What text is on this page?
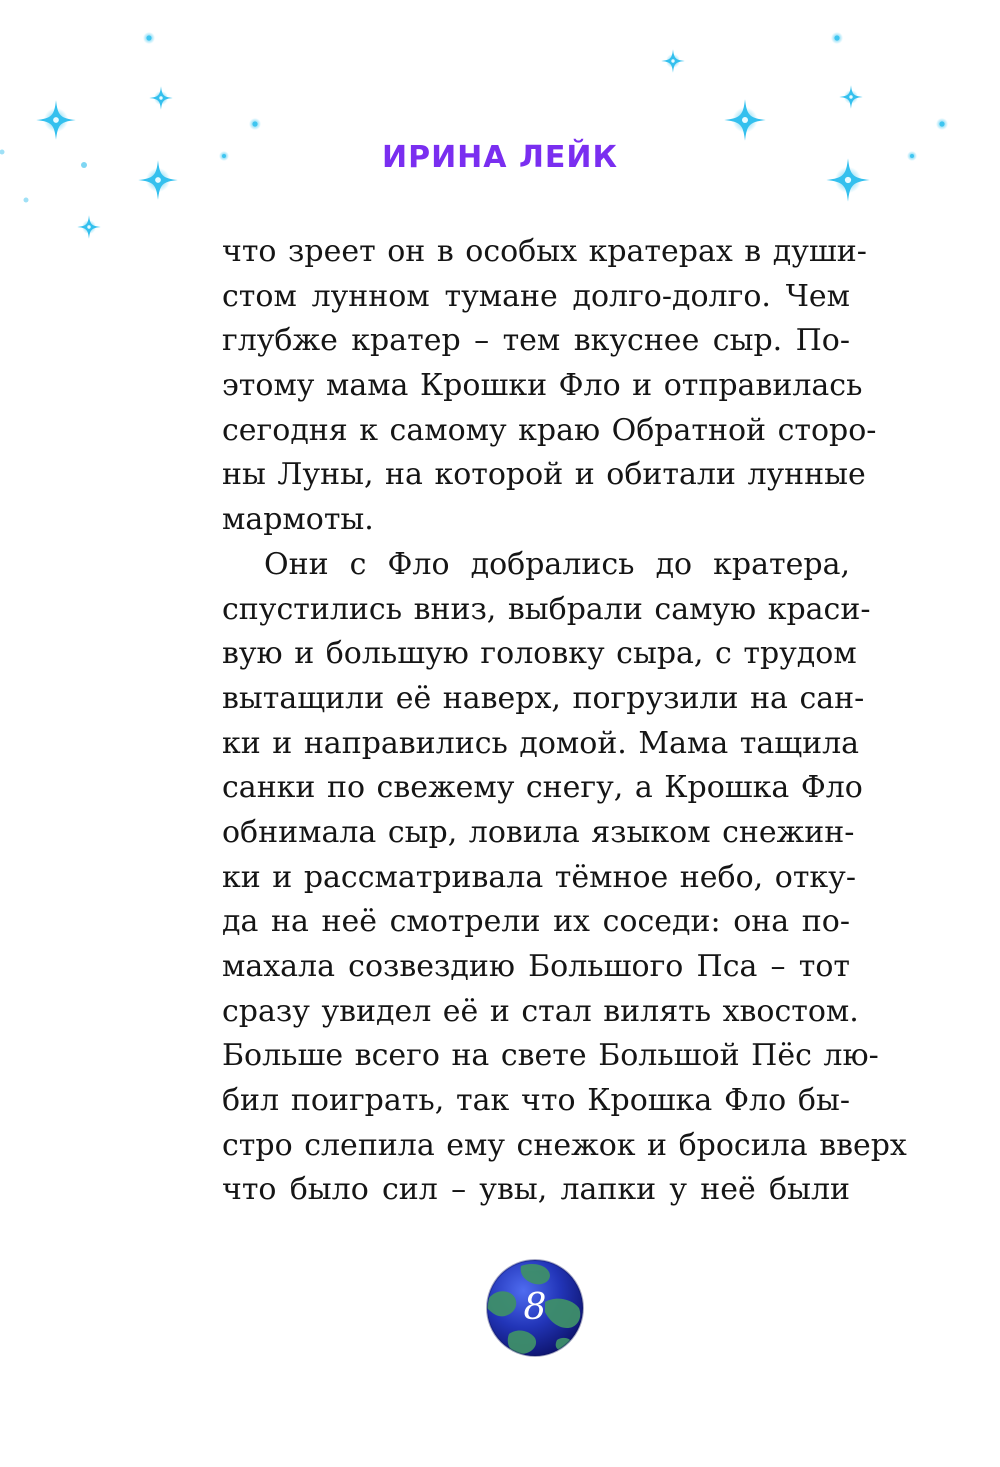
ИРИНА ЛЕЙК
что зреет он в особых кратерах в души-
стом лунном тумане долго-долго. Чем
глубже кратер – тем вкуснее сыр. По-
этому мама Крошки Фло и отправилась
сегодня к самому краю Обратной сторо-
ны Луны, на которой и обитали лунные
мармоты.
Они с Фло добрались до кратера,
спустились вниз, выбрали самую краси-
вую и большую головку сыра, с трудом
вытащили её наверх, погрузили на сан-
ки и направились домой. Мама тащила
санки по свежему снегу, а Крошка Фло
обнимала сыр, ловила языком снежин-
ки и рассматривала тёмное небо, отку-
да на неё смотрели их соседи: она по-
махала созвездию Большого Пса – тот
сразу увидел её и стал вилять хвостом.
Больше всего на свете Большой Пёс лю-
бил поиграть, так что Крошка Фло бы-
стро слепила ему снежок и бросила вверх
что было сил – увы, лапки у неё были
8
